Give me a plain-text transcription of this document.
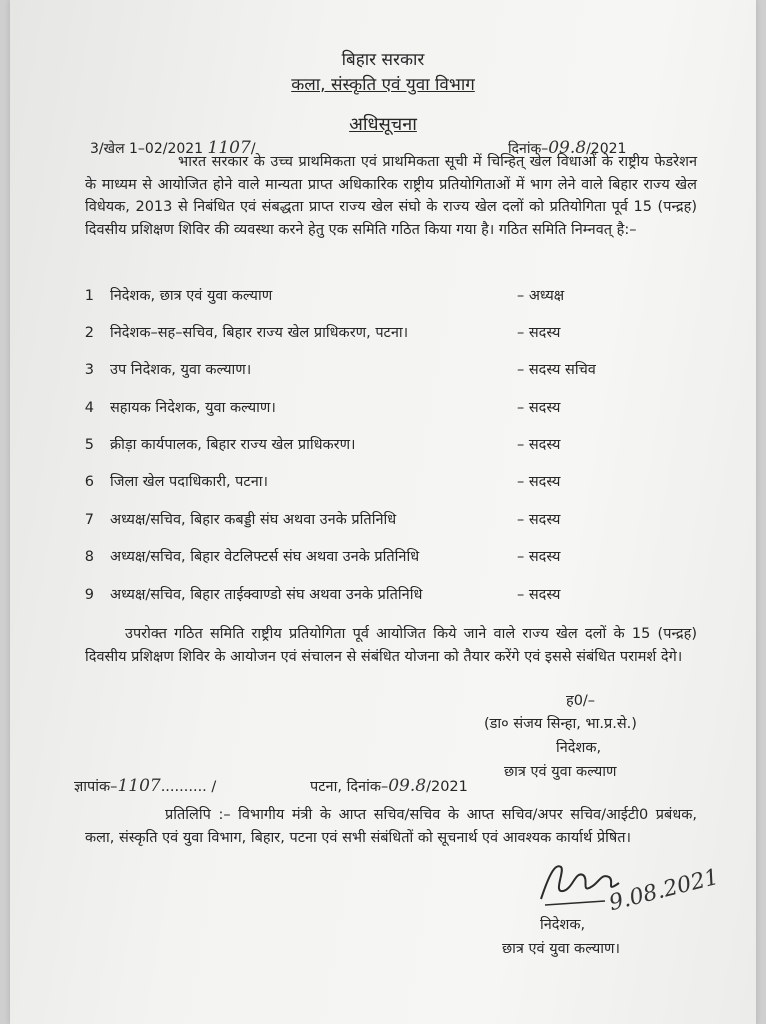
बिहार सरकार
कला, संस्कृति एवं युवा विभाग
अधिसूचना
3/खेल 1–02/2021 1107/	दिनांक–09.8/2021
भारत सरकार के उच्च प्राथमिकता एवं प्राथमिकता सूची में चिन्हित् खेल विधाओं के राष्ट्रीय फेडरेशन के माध्यम से आयोजित होने वाले मान्यता प्राप्त अधिकारिक राष्ट्रीय प्रतियोगिताओं में भाग लेने वाले बिहार राज्य खेल विधेयक, 2013 से निबंधित एवं संबद्धता प्राप्त राज्य खेल संघो के राज्य खेल दलों को प्रतियोगिता पूर्व 15 (पन्द्रह) दिवसीय प्रशिक्षण शिविर की व्यवस्था करने हेतु एक समिति गठित किया गया है। गठित समिति निम्नवत् है:–
1 निदेशक, छात्र एवं युवा कल्याण	– अध्यक्ष
2 निदेशक–सह–सचिव, बिहार राज्य खेल प्राधिकरण, पटना।	– सदस्य
3 उप निदेशक, युवा कल्याण।	– सदस्य सचिव
4 सहायक निदेशक, युवा कल्याण।	– सदस्य
5 क्रीड़ा कार्यपालक, बिहार राज्य खेल प्राधिकरण।	– सदस्य
6 जिला खेल पदाधिकारी, पटना।	– सदस्य
7 अध्यक्ष/सचिव, बिहार कबड्डी संघ अथवा उनके प्रतिनिधि	– सदस्य
8 अध्यक्ष/सचिव, बिहार वेटलिफ्टर्स संघ अथवा उनके प्रतिनिधि	– सदस्य
9 अध्यक्ष/सचिव, बिहार ताईक्वाण्डो संघ अथवा उनके प्रतिनिधि	– सदस्य
उपरोक्त गठित समिति राष्ट्रीय प्रतियोगिता पूर्व आयोजित किये जाने वाले राज्य खेल दलों के 15 (पन्द्रह) दिवसीय प्रशिक्षण शिविर के आयोजन एवं संचालन से संबंधित योजना को तैयार करेंगे एवं इससे संबंधित परामर्श देगे।
ह0/–
(डा० संजय सिन्हा, भा.प्र.से.)
निदेशक,
छात्र एवं युवा कल्याण
ज्ञापांक–1107.......... /	पटना, दिनांक–09.8/2021
प्रतिलिपि :– विभागीय मंत्री के आप्त सचिव/सचिव के आप्त सचिव/अपर सचिव/आईटी0 प्रबंधक, कला, संस्कृति एवं युवा विभाग, बिहार, पटना एवं सभी संबंधितों को सूचनार्थ एवं आवश्यक कार्यार्थ प्रेषित।
9.08.2021
निदेशक,
छात्र एवं युवा कल्याण।
